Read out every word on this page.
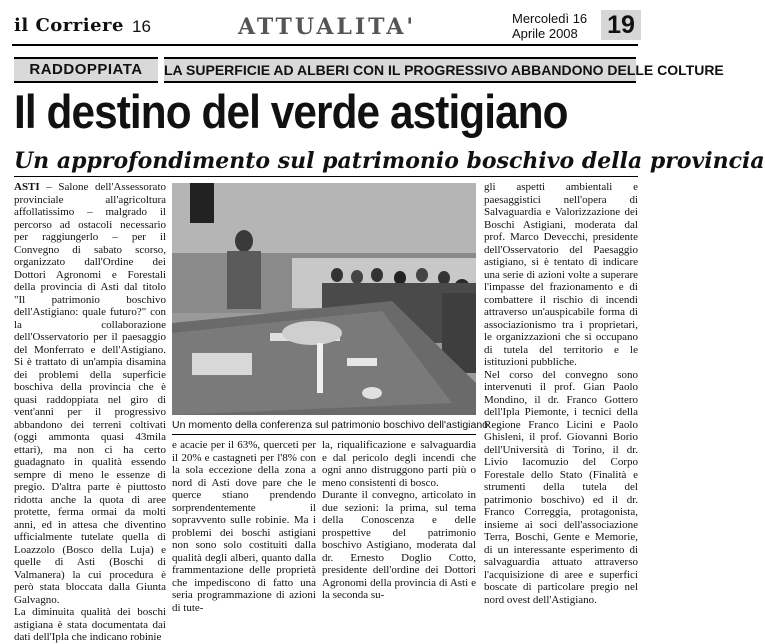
il Corriere 16	ATTUALITA'	Mercoledì 16
Aprile 2008	19
RADDOPPIATA	LA SUPERFICIE AD ALBERI CON IL PROGRESSIVO ABBANDONO DELLE COLTURE
Il destino del verde astigiano
Un approfondimento sul patrimonio boschivo della provincia

ASTI – Salone dell'Assessorato provinciale all'agricoltura affollatissimo – malgrado il percorso ad ostacoli necessario per raggiungerlo – per il Convegno di sabato scorso, organizzato dall'Ordine dei Dottori Agronomi e Forestali della provincia di Asti dal titolo "Il patrimonio boschivo dell'Astigiano: quale futuro?" con la collaborazione dell'Osservatorio per il paesaggio del Monferrato e dell'Astigiano. Si è trattato di un'ampia disamina dei problemi della superficie boschiva della provincia che è quasi raddoppiata nel giro di vent'anni per il progressivo abbandono dei terreni coltivati (oggi ammonta quasi 43mila ettari), ma non ci ha certo guadagnato in qualità essendo sempre di meno le essenze di pregio. D'altra parte è piuttosto ridotta anche la quota di aree protette, ferma ormai da molti anni, ed in attesa che diventino ufficialmente tutelate quella di Loazzolo (Bosco della Luja) e quelle di Asti (Boschi di Valmanera) la cui procedura è però stata bloccata dalla Giunta Galvagno.

La diminuita qualità dei boschi astigiana è stata documentata dai dati dell'Ipla che indicano robinie

Un momento della conferenza sul patrimonio boschivo dell'astigiano

e acacie per il 63%, querceti per il 20% e castagneti per l'8% con la sola eccezione della zona a nord di Asti dove pare che le querce stiano prendendo sorprendentemente il sopravvento sulle robinie. Ma i problemi dei boschi astigiani non sono solo costituiti dalla qualità degli alberi, quanto dalla frammentazione delle proprietà che impediscono di fatto una seria programmazione di azioni di tute-

la, riqualificazione e salvaguardia e dal pericolo degli incendi che ogni anno distruggono parti più o meno consistenti di bosco.

Durante il convegno, articolato in due sezioni: la prima, sul tema della Conoscenza e delle prospettive del patrimonio boschivo Astigiano, moderata dal dr. Ernesto Doglio Cotto, presidente dell'ordine dei Dottori Agronomi della provincia di Asti e la seconda su-

gli aspetti ambientali e paesaggistici nell'opera di Salvaguardia e Valorizzazione dei Boschi Astigiani, moderata dal prof. Marco Devecchi, presidente dell'Osservatorio del Paesaggio astigiano, si è tentato di indicare una serie di azioni volte a superare l'impasse del frazionamento e di combattere il rischio di incendi attraverso un'auspicabile forma di associazionismo tra i proprietari, le organizzazioni che si occupano di tutela del territorio e le istituzioni pubbliche.

Nel corso del convegno sono intervenuti il prof. Gian Paolo Mondino, il dr. Franco Gottero dell'Ipla Piemonte, i tecnici della Regione Franco Licini e Paolo Ghisleni, il prof. Giovanni Borio dell'Università di Torino, il dr. Livio Iacomuzio del Corpo Forestale dello Stato (Finalità e strumenti della tutela del patrimonio boschivo) ed il dr. Franco Correggia, protagonista, insieme ai soci dell'associazione Terra, Boschi, Gente e Memorie, di un interessante esperimento di salvaguardia attuato attraverso l'acquisizione di aree e superfici boscate di particolare pregio nel nord ovest dell'Astigiano.
